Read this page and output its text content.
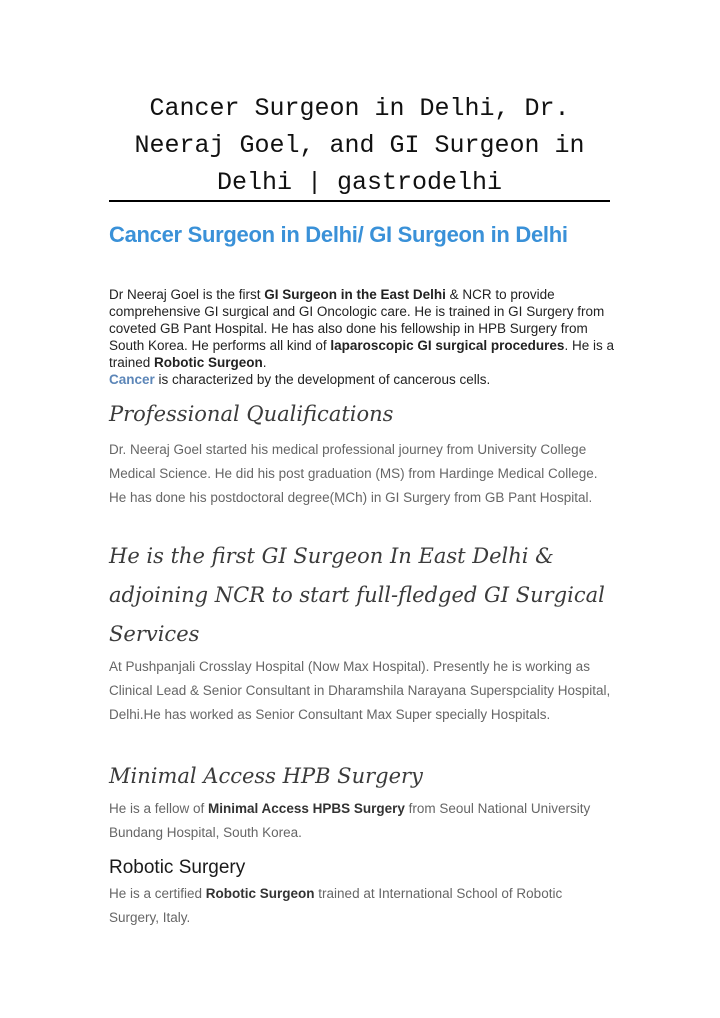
Cancer Surgeon in Delhi, Dr. Neeraj Goel, and GI Surgeon in Delhi | gastrodelhi
Cancer Surgeon in Delhi/ GI Surgeon in Delhi

Dr Neeraj Goel is the first GI Surgeon in the East Delhi & NCR to provide comprehensive GI surgical and GI Oncologic care. He is trained in GI Surgery from coveted GB Pant Hospital. He has also done his fellowship in HPB Surgery from South Korea. He performs all kind of laparoscopic GI surgical procedures. He is a trained Robotic Surgeon.
Cancer is characterized by the development of cancerous cells.

Professional Qualifications

Dr. Neeraj Goel started his medical professional journey from University College Medical Science. He did his post graduation (MS) from Hardinge Medical College. He has done his postdoctoral degree(MCh) in GI Surgery from GB Pant Hospital.

He is the first GI Surgeon In East Delhi & adjoining NCR to start full-fledged GI Surgical Services

At Pushpanjali Crosslay Hospital (Now Max Hospital). Presently he is working as Clinical Lead & Senior Consultant in Dharamshila Narayana Superspciality Hospital, Delhi.He has worked as Senior Consultant Max Super specially Hospitals.

Minimal Access HPB Surgery

He is a fellow of Minimal Access HPBS Surgery from Seoul National University Bundang Hospital, South Korea.

Robotic Surgery

He is a certified Robotic Surgeon trained at International School of Robotic Surgery, Italy.
